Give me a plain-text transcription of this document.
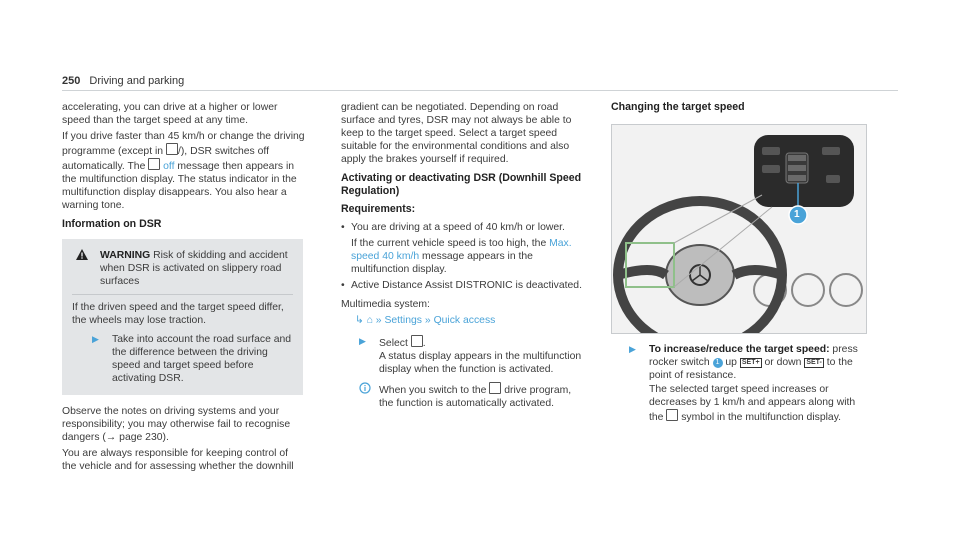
250 Driving and parking

accelerating, you can drive at a higher or lower speed than the target speed at any time.

If you drive faster than 45 km/h or change the driving programme (except in /), DSR switches off automatically. The  off message then appears in the multifunction display. The status indicator in the multifunction display disappears. You also hear a warning tone.

Information on DSR
WARNING Risk of skidding and accident when DSR is activated on slippery road surfaces
If the driven speed and the target speed differ, the wheels may lose traction.
▶	Take into account the road surface and the difference between the driving speed and target speed before activating DSR.

Observe the notes on driving systems and your responsibility; you may otherwise fail to recognise dangers (→ page 230).

You are always responsible for keeping control of the vehicle and for assessing whether the downhill

gradient can be negotiated. Depending on road surface and tyres, DSR may not always be able to keep to the target speed. Select a target speed suitable for the environmental conditions and also apply the brakes yourself if required.

Activating or deactivating DSR (Downhill Speed Regulation)
Requirements:
• You are driving at a speed of 40 km/h or lower.
If the current vehicle speed is too high, the Max. speed 40 km/h message appears in the multifunction display.
• Active Distance Assist DISTRONIC is deactivated.

Multimedia system:

↳ ⌂ » Settings » Quick access
▶	Select .
A status display appears in the multifunction display when the function is activated.
When you switch to the  drive program, the function is automatically activated.
Changing the target speed
1
▶	To increase/reduce the target speed: press rocker switch 1 up SET+ or down SET- to the point of resistance.
The selected target speed increases or decreases by 1 km/h and appears along with the  symbol in the multifunction display.
